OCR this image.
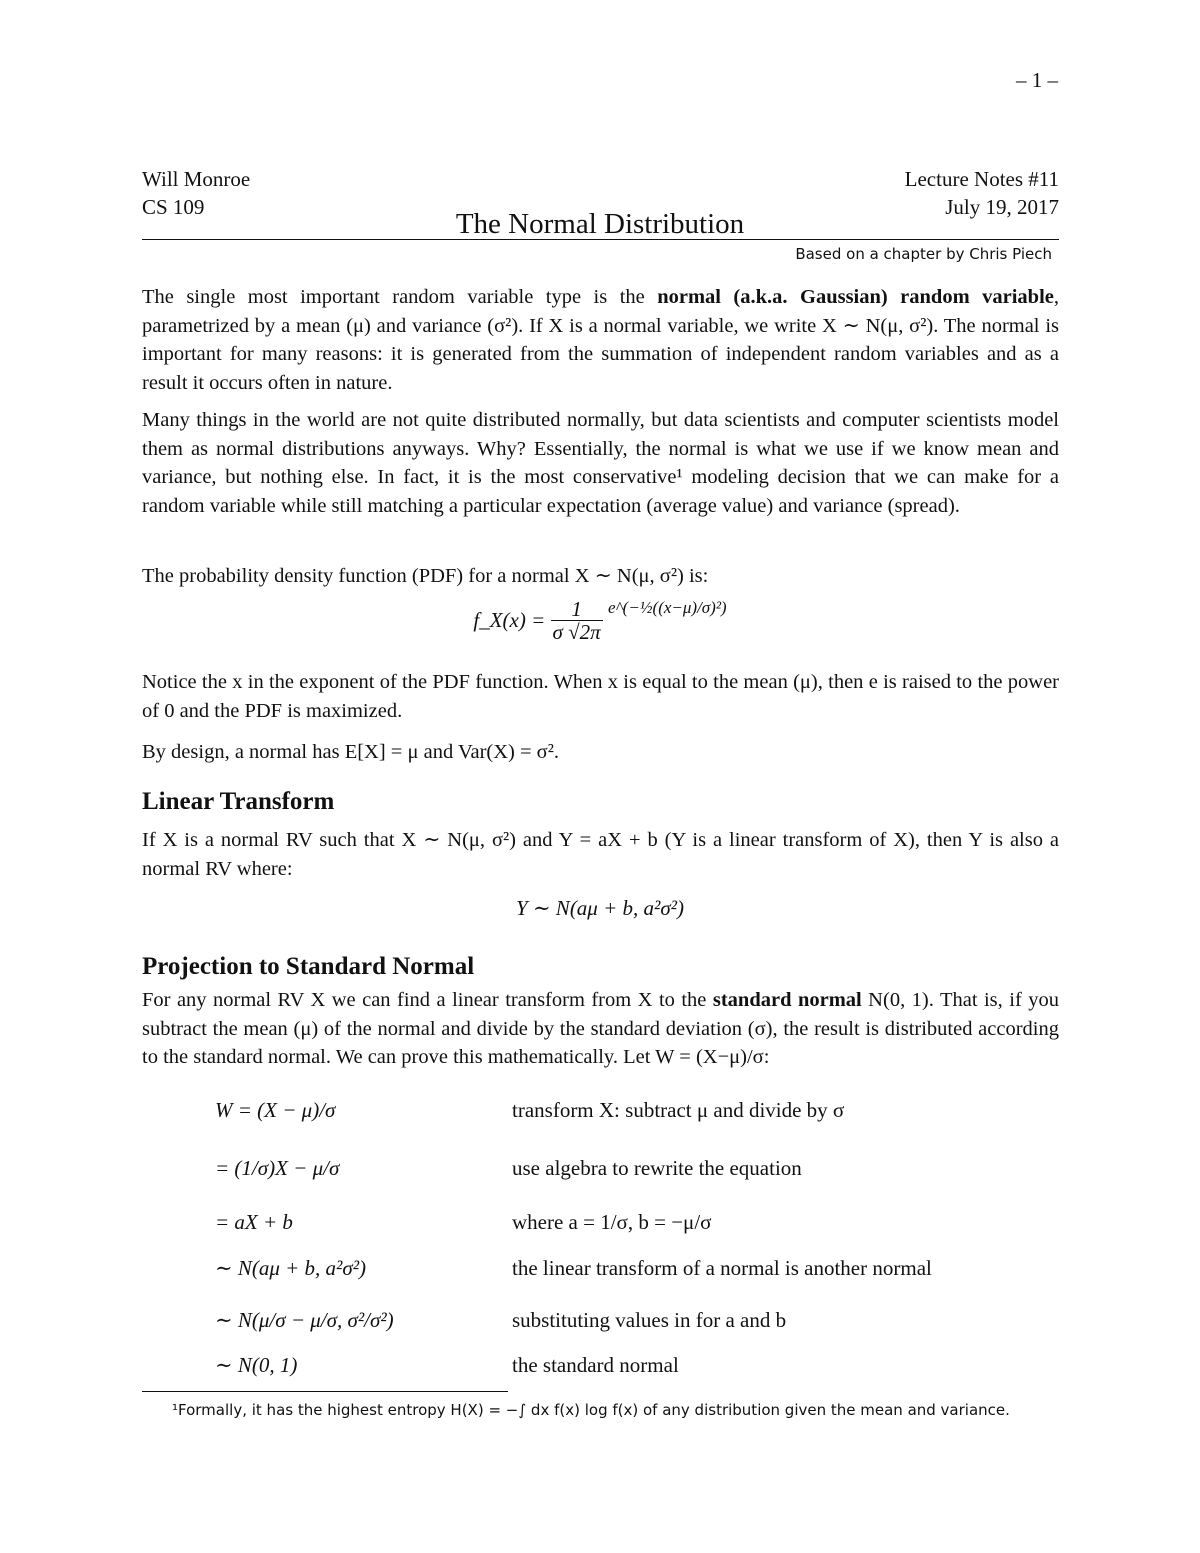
– 1 –
Will Monroe
CS 109
Lecture Notes #11
July 19, 2017
The Normal Distribution
Based on a chapter by Chris Piech

The single most important random variable type is the normal (a.k.a. Gaussian) random variable, parametrized by a mean (μ) and variance (σ²). If X is a normal variable, we write X ∼ N(μ, σ²). The normal is important for many reasons: it is generated from the summation of independent random variables and as a result it occurs often in nature.

Many things in the world are not quite distributed normally, but data scientists and computer scientists model them as normal distributions anyways. Why? Essentially, the normal is what we use if we know mean and variance, but nothing else. In fact, it is the most conservative¹ modeling decision that we can make for a random variable while still matching a particular expectation (average value) and variance (spread).

The probability density function (PDF) for a normal X ∼ N(μ, σ²) is:
f_X(x) = $\frac{1}{\sigma √2\pi} ^{e\^{}(-\frac{1}{2}((x-\mu)/\sigma)^2)}$

Notice the x in the exponent of the PDF function. When x is equal to the mean (μ), then e is raised to the power of 0 and the PDF is maximized.

By design, a normal has E[X] = μ and Var(X) = σ².
Linear Transform

If X is a normal RV such that X ∼ N(μ, σ²) and Y = aX + b (Y is a linear transform of X), then Y is also a normal RV where:

Y ∼ N(aμ + b, a²σ²)
Projection to Standard Normal

For any normal RV X we can find a linear transform from X to the standard normal N(0, 1). That is, if you subtract the mean (μ) of the normal and divide by the standard deviation (σ), the result is distributed according to the standard normal. We can prove this mathematically. Let W = (X−μ)/σ:

W = (X − μ)/σ	transform X: subtract μ and divide by σ
= (1/σ)X − μ/σ	use algebra to rewrite the equation
= aX + b	where a = 1/σ, b = −μ/σ
∼ N(aμ + b, a²σ²)	the linear transform of a normal is another normal
∼ N(μ/σ − μ/σ, σ²/σ²)	substituting values in for a and b
∼ N(0, 1)	the standard normal
¹Formally, it has the highest entropy H(X) = −∫ dx f(x) log f(x) of any distribution given the mean and variance.
